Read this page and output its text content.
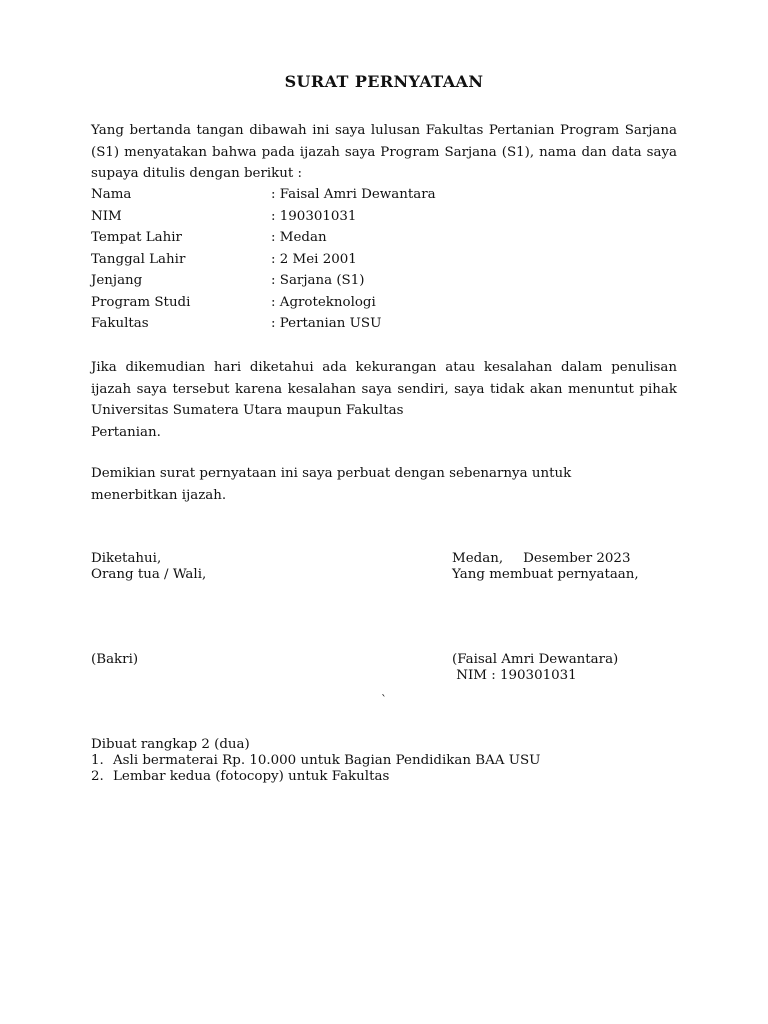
SURAT PERNYATAAN
Yang bertanda tangan dibawah ini saya lulusan Fakultas Pertanian Program Sarjana (S1) menyatakan bahwa pada ijazah saya Program Sarjana (S1), nama dan data saya supaya ditulis dengan berikut :
Nama	: Faisal Amri Dewantara
NIM	: 190301031
Tempat Lahir	: Medan
Tanggal Lahir	: 2 Mei 2001
Jenjang	: Sarjana (S1)
Program Studi	: Agroteknologi
Fakultas	: Pertanian USU
Jika dikemudian hari diketahui ada kekurangan atau kesalahan dalam penulisan ijazah saya tersebut karena kesalahan saya sendiri, saya tidak akan menuntut pihak Universitas Sumatera Utara maupun Fakultas
Pertanian.
Demikian surat pernyataan ini saya perbuat dengan sebenarnya untuk
menerbitkan ijazah.
Diketahui,
Orang tua / Wali,
Medan, Desember 2023
Yang membuat pernyataan,
(Bakri)	(Faisal Amri Dewantara)
NIM : 190301031
`
Dibuat rangkap 2 (dua)
1. Asli bermaterai Rp. 10.000 untuk Bagian Pendidikan BAA USU
2. Lembar kedua (fotocopy) untuk Fakultas
